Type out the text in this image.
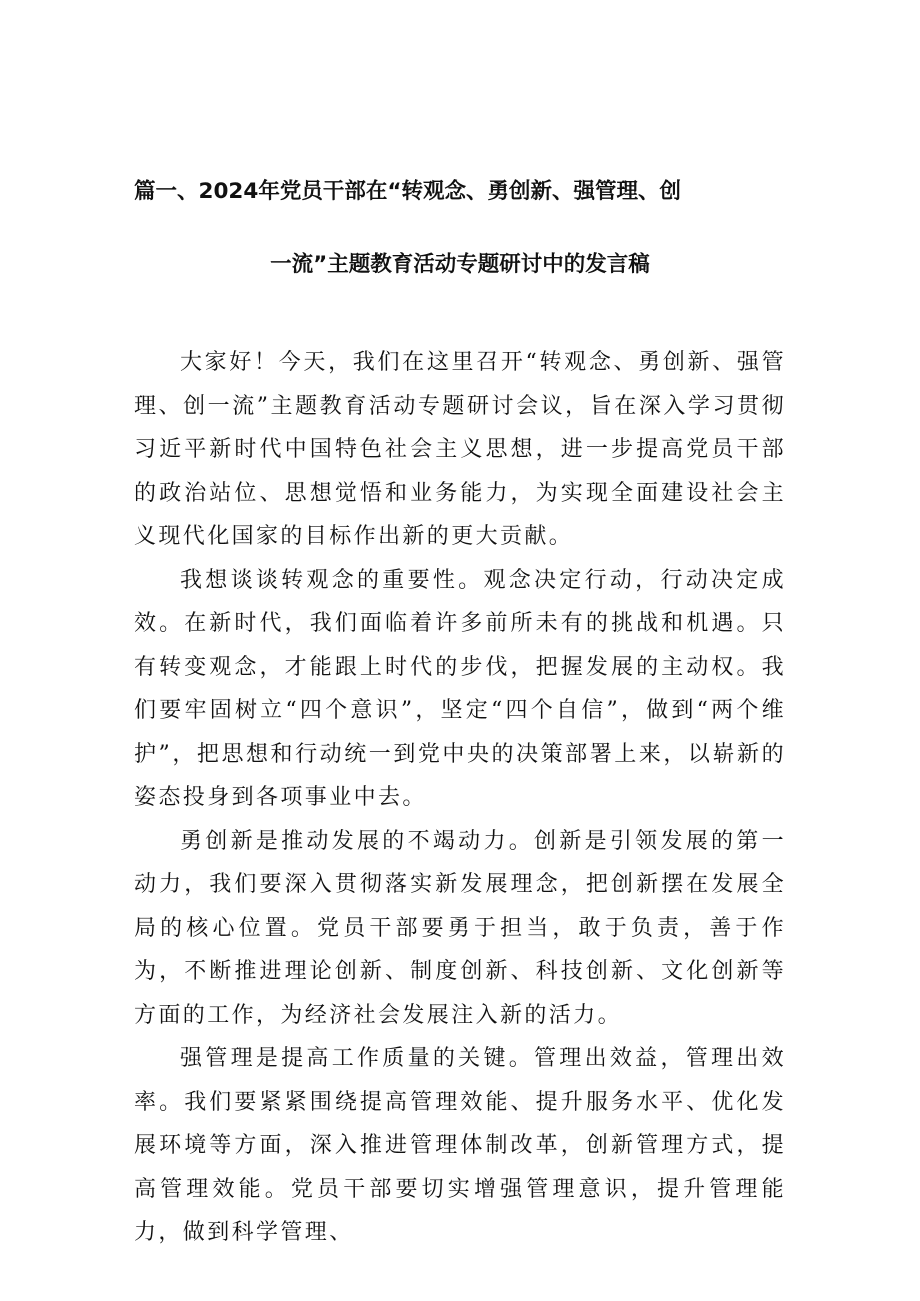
篇一、2024年党员干部在“转观念、勇创新、强管理、创
一流”主题教育活动专题研讨中的发言稿

大家好！今天，我们在这里召开“转观念、勇创新、强管理、创一流”主题教育活动专题研讨会议，旨在深入学习贯彻习近平新时代中国特色社会主义思想，进一步提高党员干部的政治站位、思想觉悟和业务能力，为实现全面建设社会主义现代化国家的目标作出新的更大贡献。

我想谈谈转观念的重要性。观念决定行动，行动决定成效。在新时代，我们面临着许多前所未有的挑战和机遇。只有转变观念，才能跟上时代的步伐，把握发展的主动权。我们要牢固树立“四个意识”，坚定“四个自信”，做到“两个维护”，把思想和行动统一到党中央的决策部署上来，以崭新的姿态投身到各项事业中去。

勇创新是推动发展的不竭动力。创新是引领发展的第一动力，我们要深入贯彻落实新发展理念，把创新摆在发展全局的核心位置。党员干部要勇于担当，敢于负责，善于作为，不断推进理论创新、制度创新、科技创新、文化创新等方面的工作，为经济社会发展注入新的活力。

强管理是提高工作质量的关键。管理出效益，管理出效率。我们要紧紧围绕提高管理效能、提升服务水平、优化发展环境等方面，深入推进管理体制改革，创新管理方式，提高管理效能。党员干部要切实增强管理意识，提升管理能力，做到科学管理、
